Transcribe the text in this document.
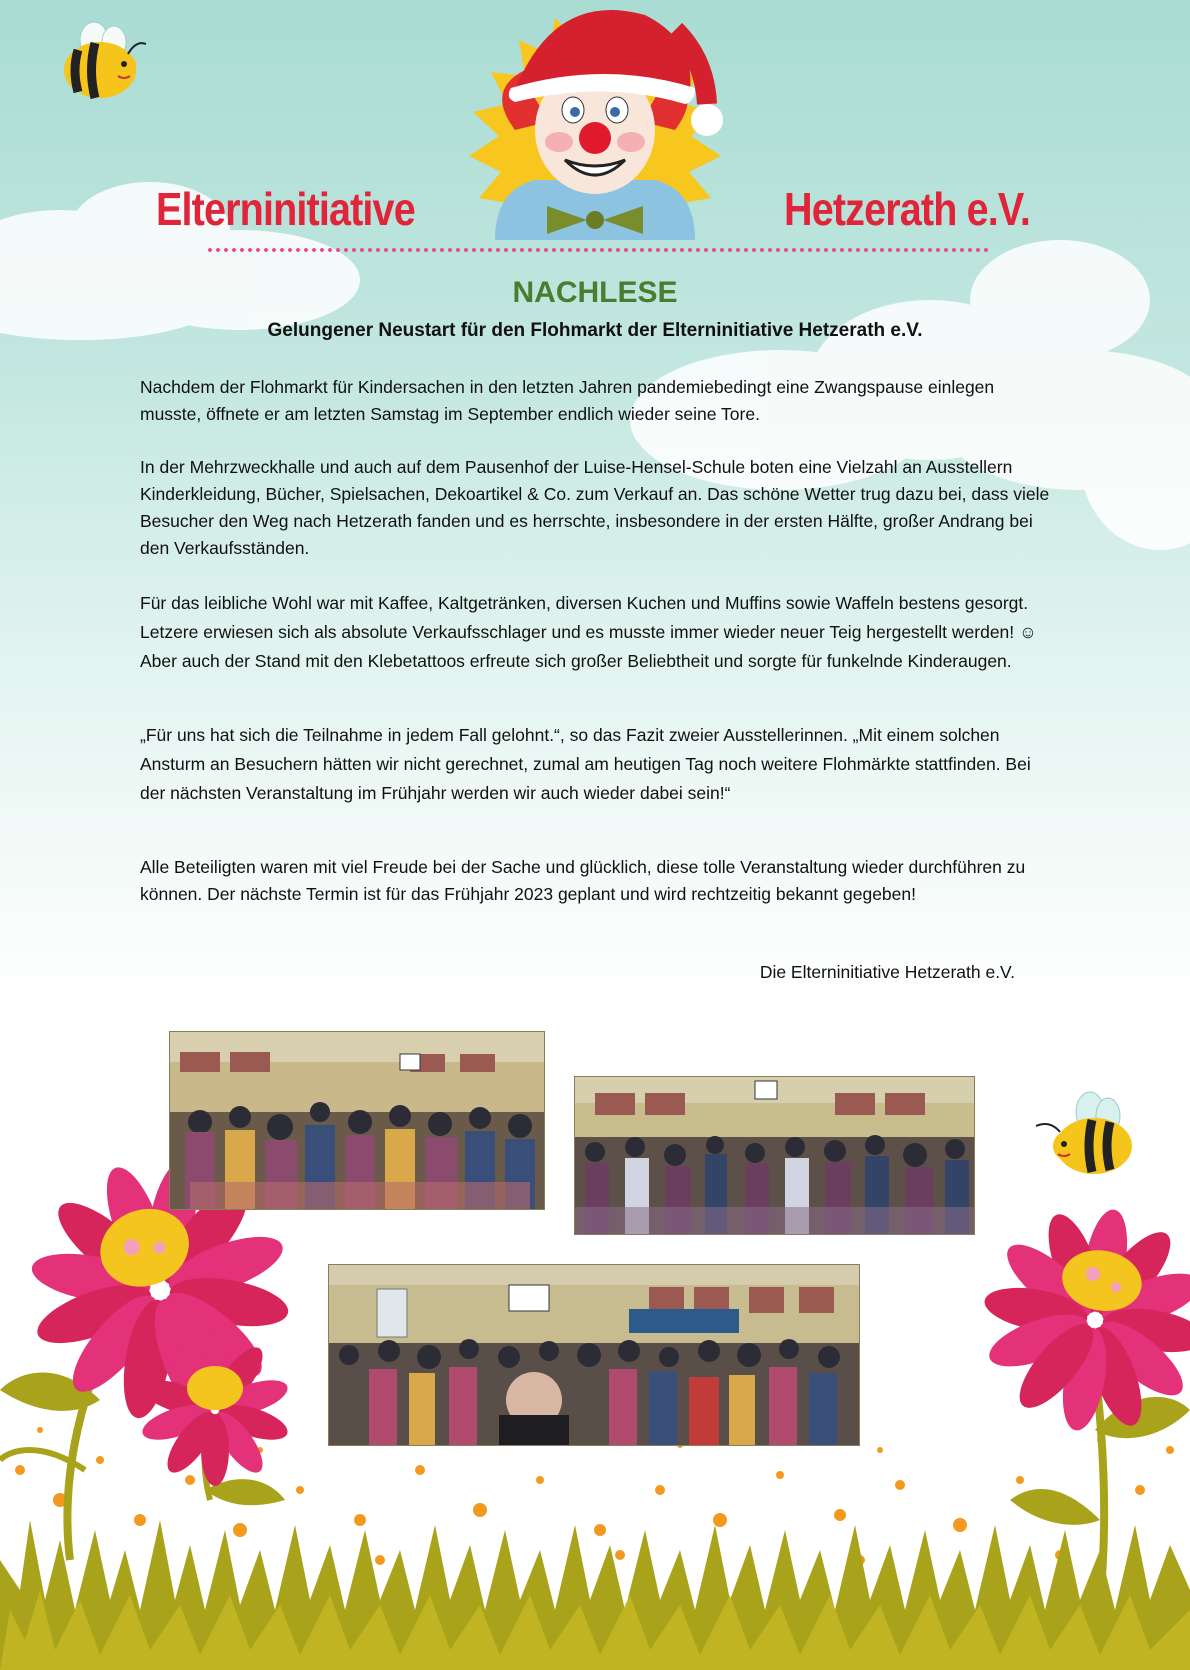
Elterninitiative	Hetzerath e.V.
NACHLESE
Gelungener Neustart für den Flohmarkt der Elterninitiative Hetzerath e.V.

Nachdem der Flohmarkt für Kindersachen in den letzten Jahren pandemiebedingt eine Zwangspause einlegen musste, öffnete er am letzten Samstag im September endlich wieder seine Tore.

In der Mehrzweckhalle und auch auf dem Pausenhof der Luise-Hensel-Schule boten eine Vielzahl an Ausstellern Kinderkleidung, Bücher, Spielsachen, Dekoartikel & Co. zum Verkauf an. Das schöne Wetter trug dazu bei, dass viele Besucher den Weg nach Hetzerath fanden und es herrschte, insbesondere in der ersten Hälfte, großer Andrang bei den Verkaufsständen.

Für das leibliche Wohl war mit Kaffee, Kaltgetränken, diversen Kuchen und Muffins sowie Waffeln bestens gesorgt. Letzere erwiesen sich als absolute Verkaufsschlager und es musste immer wieder neuer Teig hergestellt werden! ☺ Aber auch der Stand mit den Klebetattoos erfreute sich großer Beliebtheit und sorgte für funkelnde Kinderaugen.

„Für uns hat sich die Teilnahme in jedem Fall gelohnt.“, so das Fazit zweier Ausstellerinnen. „Mit einem solchen Ansturm an Besuchern hätten wir nicht gerechnet, zumal am heutigen Tag noch weitere Flohmärkte stattfinden. Bei der nächsten Veranstaltung im Frühjahr werden wir auch wieder dabei sein!“

Alle Beteiligten waren mit viel Freude bei der Sache und glücklich, diese tolle Veranstaltung wieder durchführen zu können. Der nächste Termin ist für das Frühjahr 2023 geplant und wird rechtzeitig bekannt gegeben!

Die Elterninitiative Hetzerath e.V.
